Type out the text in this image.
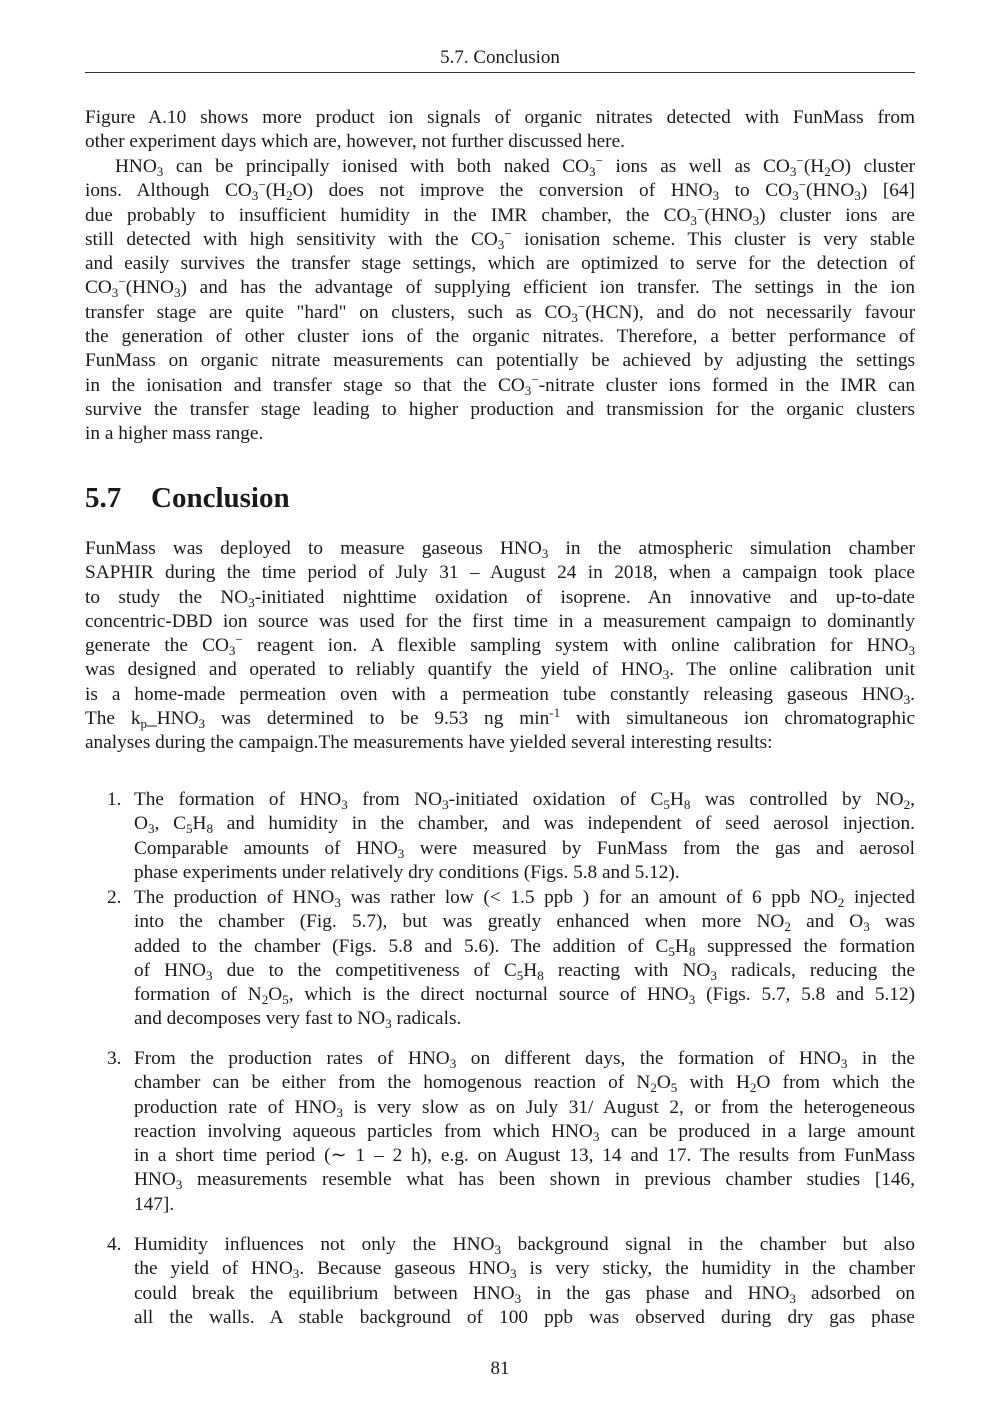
5.7. Conclusion
Figure A.10 shows more product ion signals of organic nitrates detected with FunMass from
other experiment days which are, however, not further discussed here.
$HNO_3$ can be principally ionised with both naked $CO_3^-$ ions as well as $CO_3^-(H_2O)$ cluster
ions. Although $CO_3^-(H_2O)$ does not improve the conversion of $HNO_3$ to $CO_3^-(HNO_3)$ [64]
due probably to insufficient humidity in the IMR chamber, the $CO_3^-(HNO_3)$ cluster ions are
still detected with high sensitivity with the $CO_3^-$ ionisation scheme. This cluster is very stable
and easily survives the transfer stage settings, which are optimized to serve for the detection of
$CO_3^-(HNO_3)$ and has the advantage of supplying efficient ion transfer. The settings in the ion
transfer stage are quite "hard" on clusters, such as $CO_3^-(HCN)$, and do not necessarily favour
the generation of other cluster ions of the organic nitrates. Therefore, a better performance of
FunMass on organic nitrate measurements can potentially be achieved by adjusting the settings
in the ionisation and transfer stage so that the $CO_3^-$-nitrate cluster ions formed in the IMR can
survive the transfer stage leading to higher production and transmission for the organic clusters
in a higher mass range.
5.7 Conclusion
FunMass was deployed to measure gaseous $HNO_3$ in the atmospheric simulation chamber
SAPHIR during the time period of July 31 – August 24 in 2018, when a campaign took place
to study the $NO_3$-initiated nighttime oxidation of isoprene. An innovative and up-to-date
concentric-DBD ion source was used for the first time in a measurement campaign to dominantly
generate the $CO_3^-$ reagent ion. A flexible sampling system with online calibration for $HNO_3$
was designed and operated to reliably quantify the yield of $HNO_3$. The online calibration unit
is a home-made permeation oven with a permeation tube constantly releasing gaseous $HNO_3$.
The $k_p\_HNO_3$ was determined to be 9.53 ng $\min^{-1}$ with simultaneous ion chromatographic
analyses during the campaign.The measurements have yielded several interesting results:
1. The formation of $HNO_3$ from $NO_3$-initiated oxidation of $C_5H_8$ was controlled by $NO_2$,
$O_3$, $C_5H_8$ and humidity in the chamber, and was independent of seed aerosol injection.
Comparable amounts of $HNO_3$ were measured by FunMass from the gas and aerosol
phase experiments under relatively dry conditions (Figs. 5.8 and 5.12).
2. The production of $HNO_3$ was rather low (< 1.5 ppb ) for an amount of 6 ppb $NO_2$ injected
into the chamber (Fig. 5.7), but was greatly enhanced when more $NO_2$ and $O_3$ was
added to the chamber (Figs. 5.8 and 5.6). The addition of $C_5H_8$ suppressed the formation
of $HNO_3$ due to the competitiveness of $C_5H_8$ reacting with $NO_3$ radicals, reducing the
formation of $N_2O_5$, which is the direct nocturnal source of $HNO_3$ (Figs. 5.7, 5.8 and 5.12)
and decomposes very fast to $NO_3$ radicals.
3. From the production rates of $HNO_3$ on different days, the formation of $HNO_3$ in the
chamber can be either from the homogenous reaction of $N_2O_5$ with $H_2O$ from which the
production rate of $HNO_3$ is very slow as on July 31/ August 2, or from the heterogeneous
reaction involving aqueous particles from which $HNO_3$ can be produced in a large amount
in a short time period (∼ 1 – 2 h), e.g. on August 13, 14 and 17. The results from FunMass
$HNO_3$ measurements resemble what has been shown in previous chamber studies [146,
147].
4. Humidity influences not only the $HNO_3$ background signal in the chamber but also
the yield of $HNO_3$. Because gaseous $HNO_3$ is very sticky, the humidity in the chamber
could break the equilibrium between $HNO_3$ in the gas phase and $HNO_3$ adsorbed on
all the walls. A stable background of 100 ppb was observed during dry gas phase
81
